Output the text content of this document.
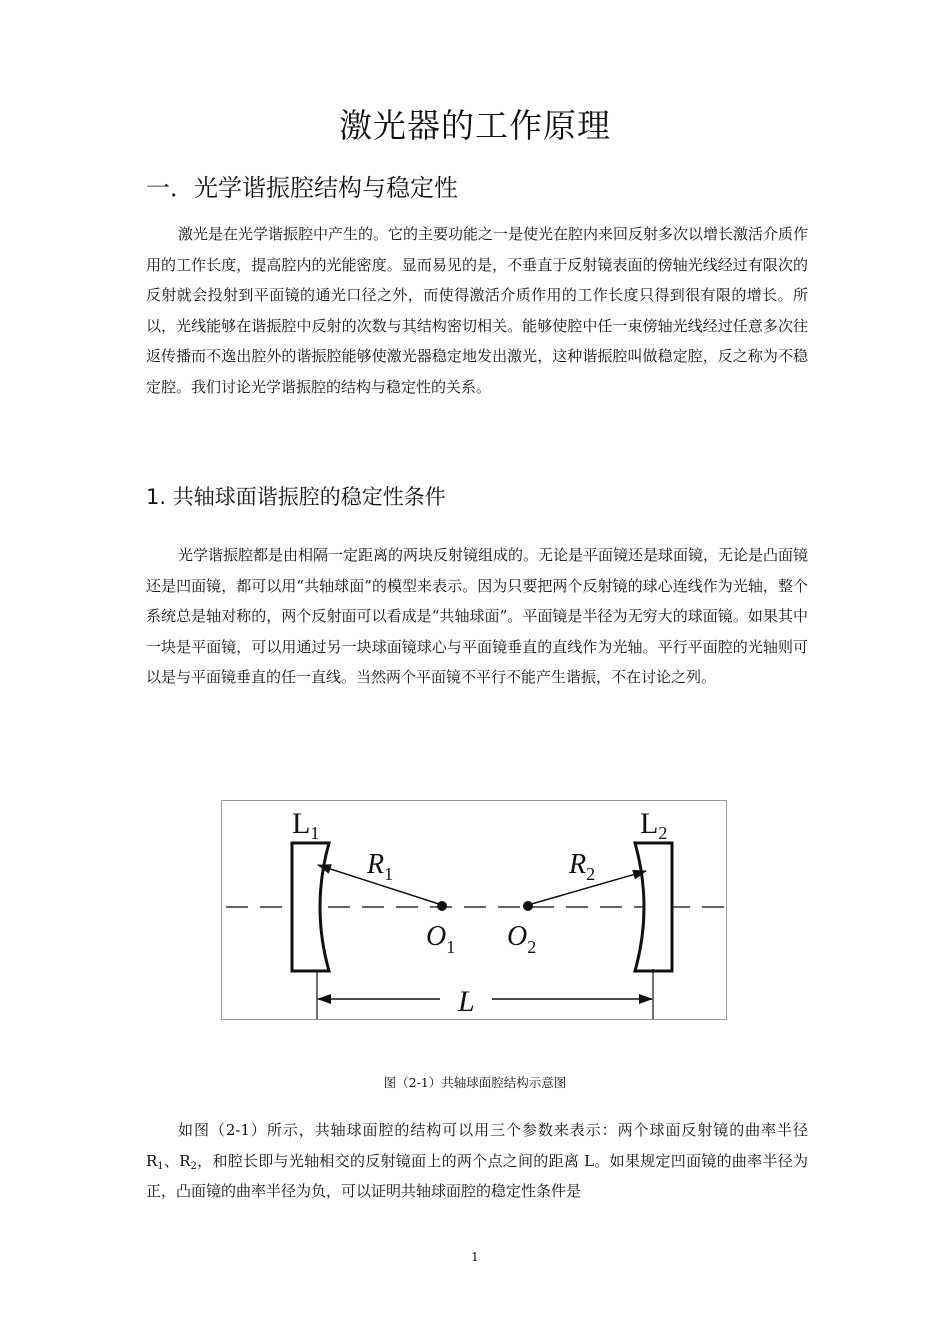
激光器的工作原理
一．光学谐振腔结构与稳定性

激光是在光学谐振腔中产生的。它的主要功能之一是使光在腔内来回反射多次以增长激活介质作用的工作长度，提高腔内的光能密度。显而易见的是，不垂直于反射镜表面的傍轴光线经过有限次的反射就会投射到平面镜的通光口径之外，而使得激活介质作用的工作长度只得到很有限的增长。所以，光线能够在谐振腔中反射的次数与其结构密切相关。能够使腔中任一束傍轴光线经过任意多次往返传播而不逸出腔外的谐振腔能够使激光器稳定地发出激光，这种谐振腔叫做稳定腔，反之称为不稳定腔。我们讨论光学谐振腔的结构与稳定性的关系。

1. 共轴球面谐振腔的稳定性条件

光学谐振腔都是由相隔一定距离的两块反射镜组成的。无论是平面镜还是球面镜，无论是凸面镜还是凹面镜，都可以用“共轴球面”的模型来表示。因为只要把两个反射镜的球心连线作为光轴，整个系统总是轴对称的，两个反射面可以看成是“共轴球面”。平面镜是半径为无穷大的球面镜。如果其中一块是平面镜，可以用通过另一块球面镜球心与平面镜垂直的直线作为光轴。平行平面腔的光轴则可以是与平面镜垂直的任一直线。当然两个平面镜不平行不能产生谐振，不在讨论之列。

$L_1$	$L_2$
$R_1$	$R_2$
$O_1$ $O_2$
L

图（2-1）共轴球面腔结构示意图

如图（2-1）所示，共轴球面腔的结构可以用三个参数来表示：两个球面反射镜的曲率半径 $R_1$、$R_2$，和腔长即与光轴相交的反射镜面上的两个点之间的距离 L。如果规定凹面镜的曲率半径为正，凸面镜的曲率半径为负，可以证明共轴球面腔的稳定性条件是

1
